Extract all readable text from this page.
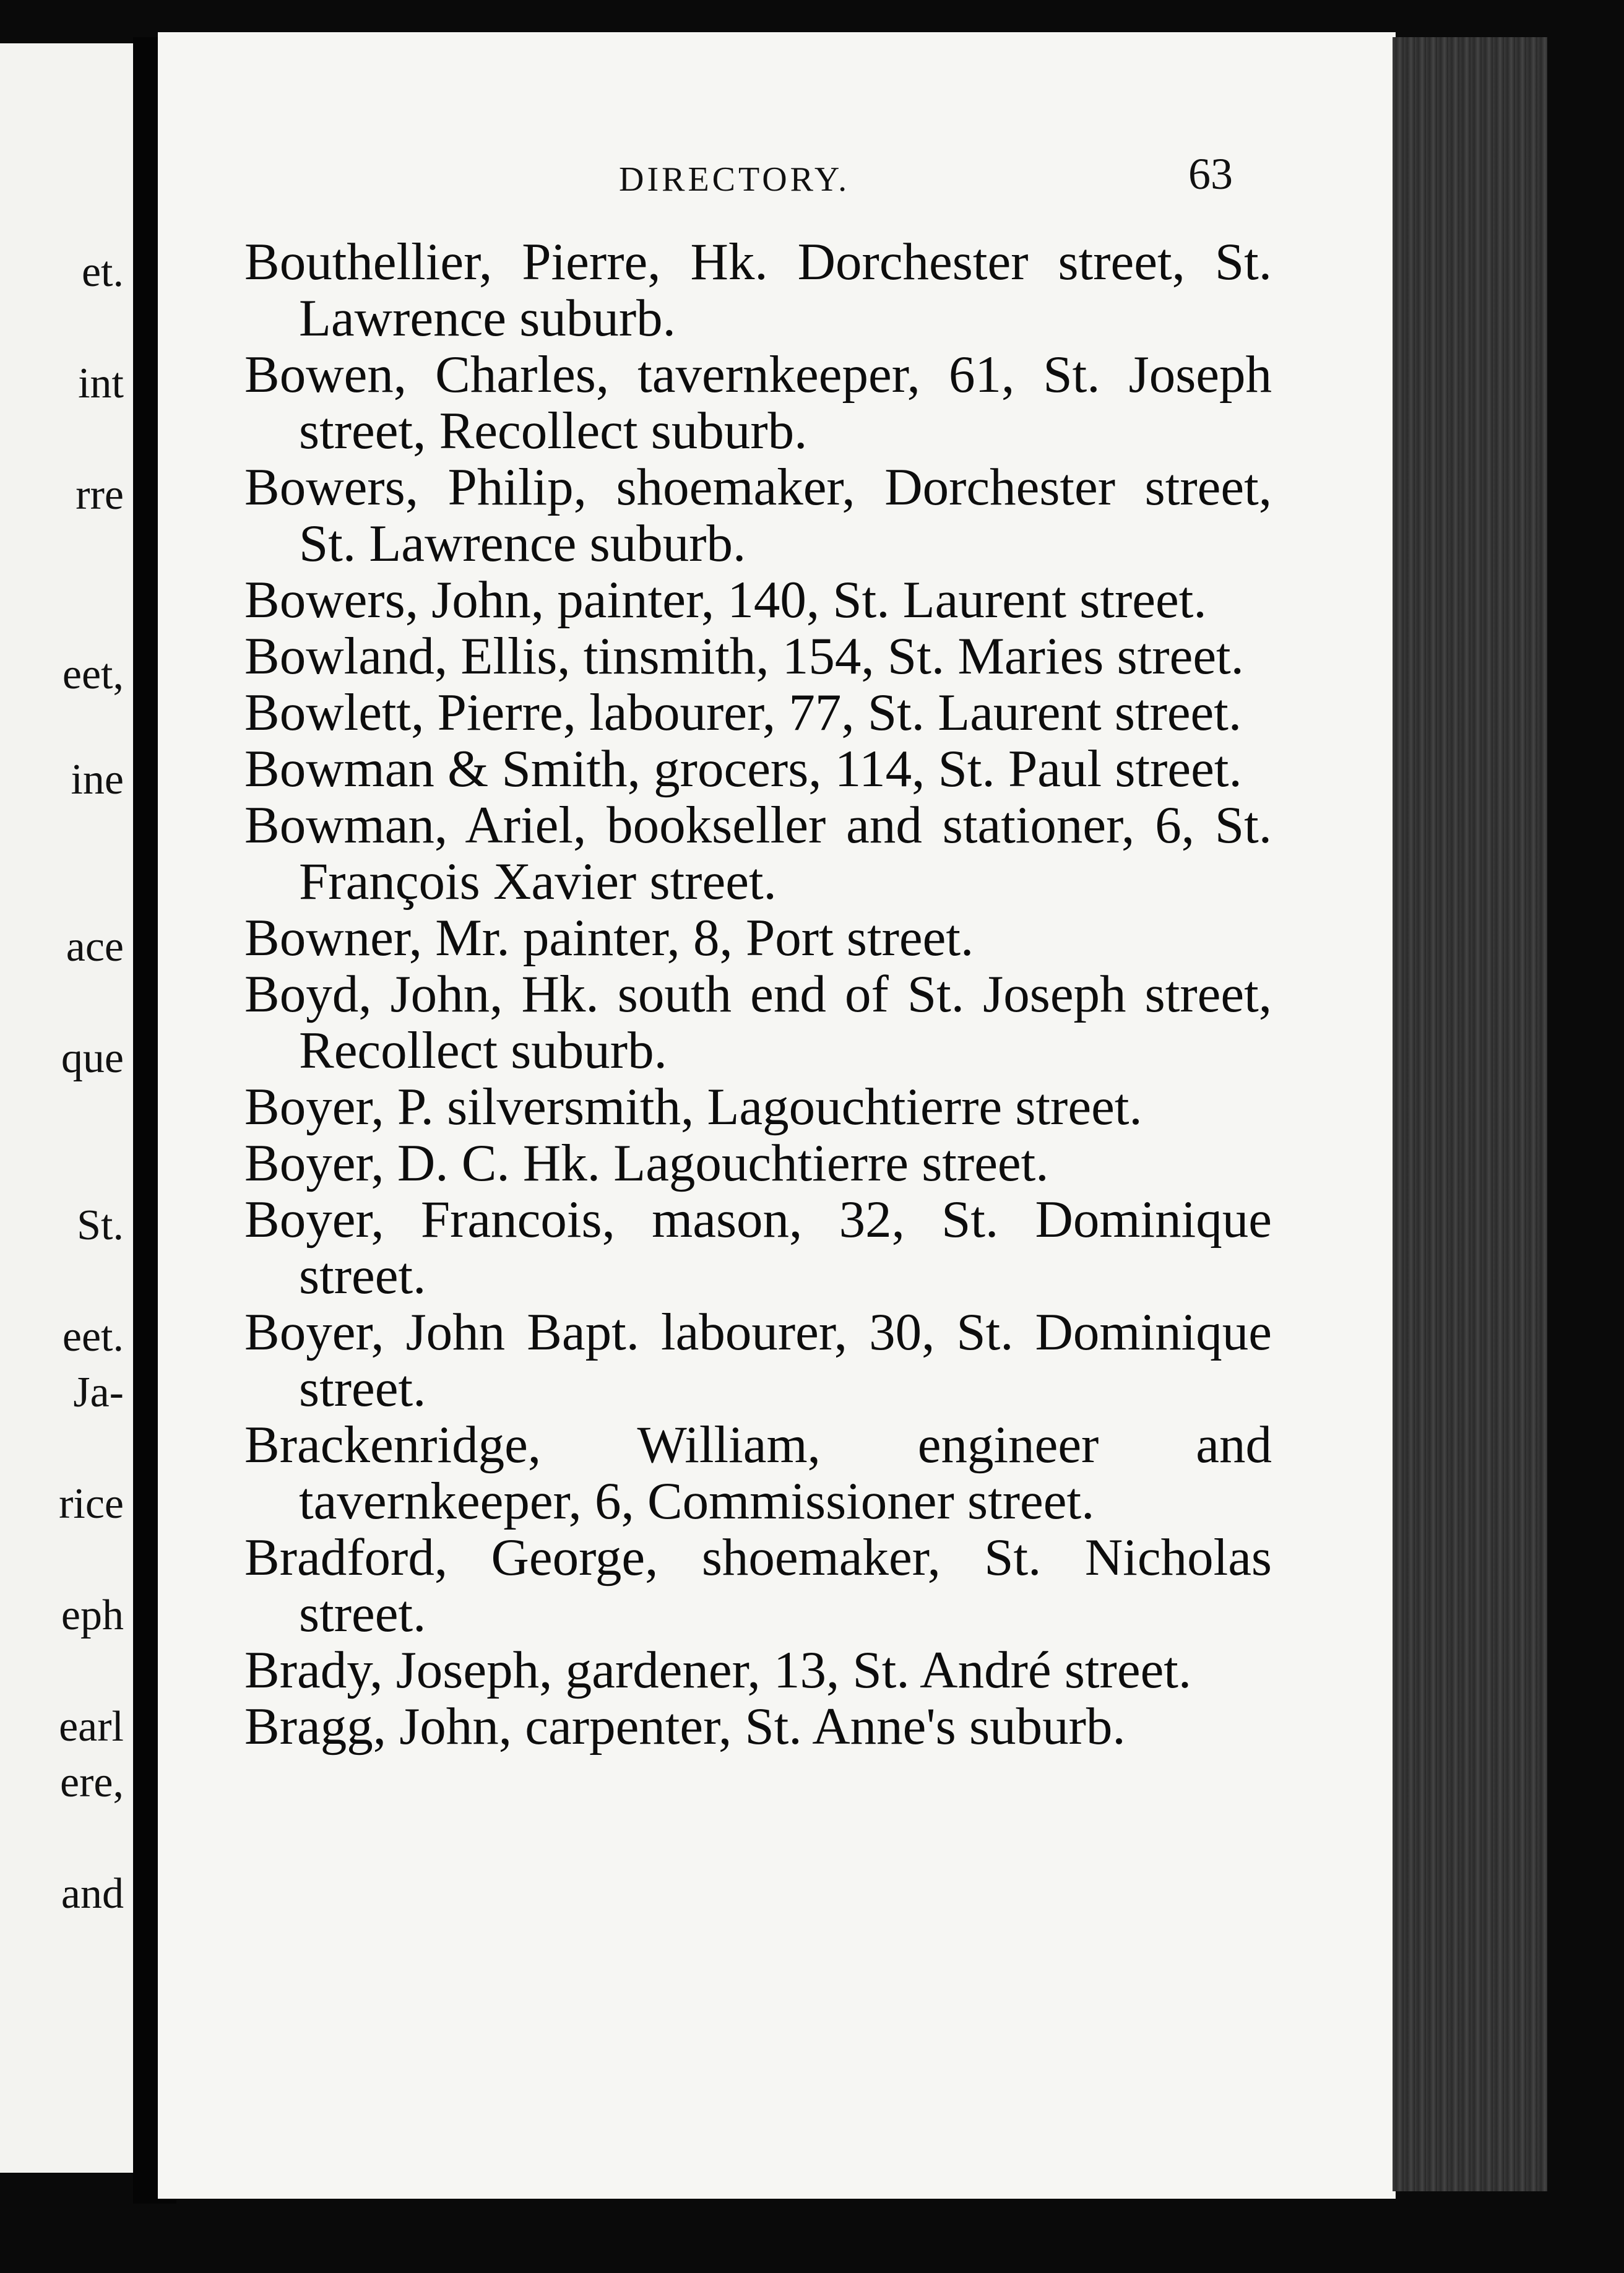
et.
int
rre
eet,
ine
ace
que
St.
eet.
Ja-
rice
eph
earl
ere,
and
DIRECTORY.	63
Bouthellier, Pierre, Hk. Dorchester street, St. Lawrence suburb.
Bowen, Charles, tavernkeeper, 61, St. Joseph street, Recollect suburb.
Bowers, Philip, shoemaker, Dorchester street, St. Lawrence suburb.
Bowers, John, painter, 140, St. Laurent street.
Bowland, Ellis, tinsmith, 154, St. Maries street.
Bowlett, Pierre, labourer, 77, St. Laurent street.
Bowman & Smith, grocers, 114, St. Paul street.
Bowman, Ariel, bookseller and stationer, 6, St. François Xavier street.
Bowner, Mr. painter, 8, Port street.
Boyd, John, Hk. south end of St. Joseph street, Recollect suburb.
Boyer, P. silversmith, Lagouchtierre street.
Boyer, D. C. Hk. Lagouchtierre street.
Boyer, Francois, mason, 32, St. Dominique street.
Boyer, John Bapt. labourer, 30, St. Dominique street.
Brackenridge, William, engineer and tavernkeeper, 6, Commissioner street.
Bradford, George, shoemaker, St. Nicholas street.
Brady, Joseph, gardener, 13, St. André street.
Bragg, John, carpenter, St. Anne's suburb.
